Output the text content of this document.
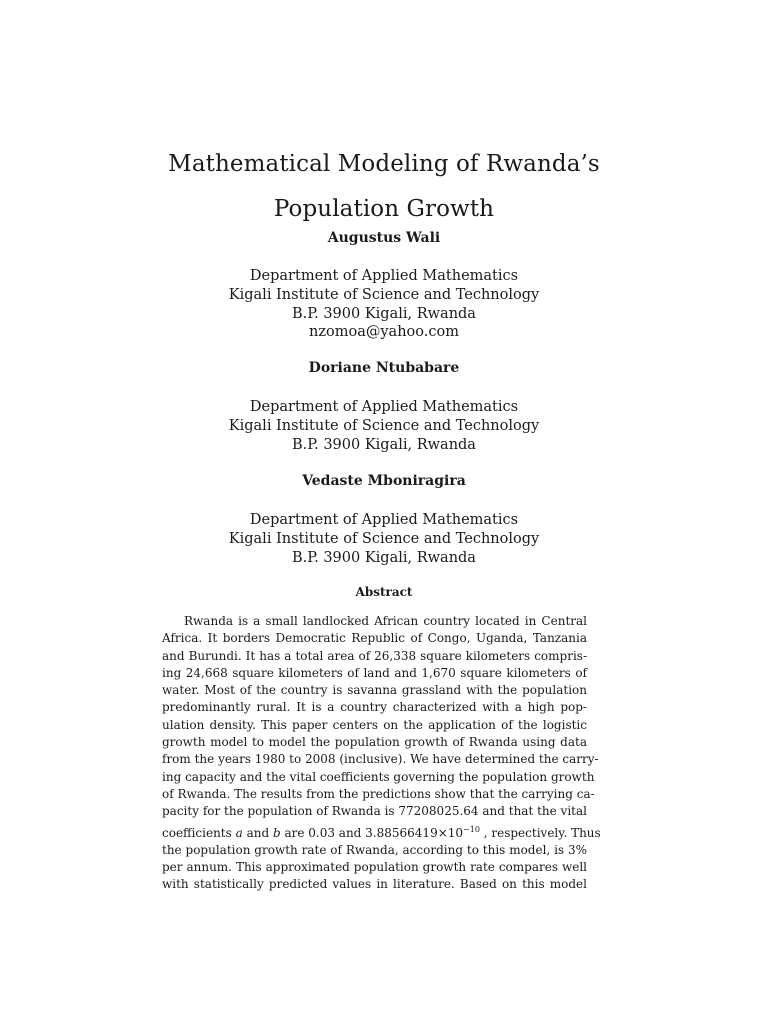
Mathematical Modeling of Rwanda’s
Population Growth
Augustus Wali
Department of Applied Mathematics
Kigali Institute of Science and Technology
B.P. 3900 Kigali, Rwanda
nzomoa@yahoo.com
Doriane Ntubabare
Department of Applied Mathematics
Kigali Institute of Science and Technology
B.P. 3900 Kigali, Rwanda
Vedaste Mboniragira
Department of Applied Mathematics
Kigali Institute of Science and Technology
B.P. 3900 Kigali, Rwanda
Abstract
Rwanda is a small landlocked African country located in Central
Africa. It borders Democratic Republic of Congo, Uganda, Tanzania
and Burundi. It has a total area of 26,338 square kilometers compris-
ing 24,668 square kilometers of land and 1,670 square kilometers of
water. Most of the country is savanna grassland with the population
predominantly rural. It is a country characterized with a high pop-
ulation density. This paper centers on the application of the logistic
growth model to model the population growth of Rwanda using data
from the years 1980 to 2008 (inclusive). We have determined the carry-
ing capacity and the vital coefficients governing the population growth
of Rwanda. The results from the predictions show that the carrying ca-
pacity for the population of Rwanda is 77208025.64 and that the vital
coefficients a and b are 0.03 and $3.88566419\times 10^{-10}$ , respectively. Thus
the population growth rate of Rwanda, according to this model, is 3%
per annum. This approximated population growth rate compares well
with statistically predicted values in literature. Based on this model
